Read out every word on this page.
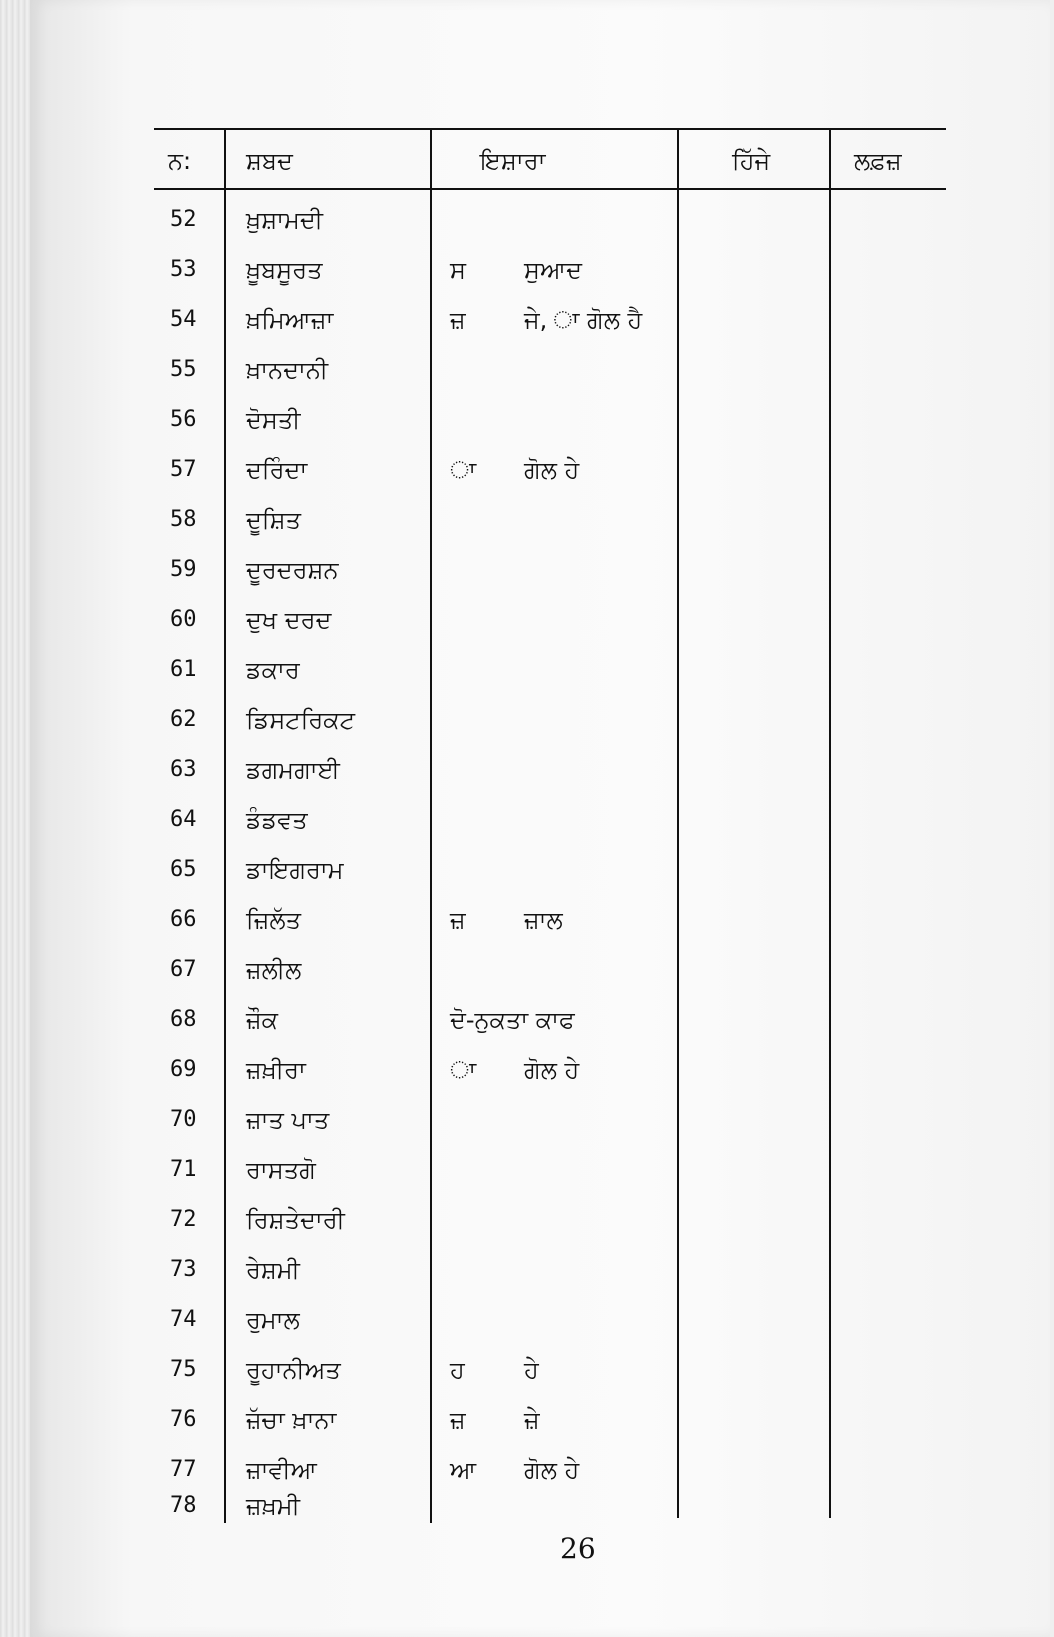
ਨ: ਸ਼ਬਦ	ਇਸ਼ਾਰਾ	ਹਿੱਜੇ	ਲਫ਼ਜ਼
52	ਖ਼ੁਸ਼ਾਮਦੀ
53	ਖ਼ੂਬਸੂਰਤ	ਸ ਸੁਆਦ
54	ਖ਼ਮਿਆਜ਼ਾ	ਜ਼ ਜੇ, ਾ ਗੋਲ ਹੈ
55	ਖ਼ਾਨਦਾਨੀ
56	ਦੋਸਤੀ
57	ਦਰਿੰਦਾ	ਾ ਗੋਲ ਹੇ
58	ਦੂਸ਼ਿਤ
59	ਦੂਰਦਰਸ਼ਨ
60	ਦੁਖ ਦਰਦ
61	ਡਕਾਰ
62	ਡਿਸਟਰਿਕਟ
63	ਡਗਮਗਾਈ
64	ਡੰਡਵਤ
65	ਡਾਇਗਰਾਮ
66	ਜ਼ਿਲੱਤ	ਜ਼ ਜ਼ਾਲ
67	ਜ਼ਲੀਲ
68	ਜ਼ੌਕ	ਦੋ-ਨੁਕਤਾ ਕਾਫ
69	ਜ਼ਖ਼ੀਰਾ	ਾ ਗੋਲ ਹੇ
70	ਜ਼ਾਤ ਪਾਤ
71	ਰਾਸਤਗੋ
72	ਰਿਸ਼ਤੇਦਾਰੀ
73	ਰੇਸ਼ਮੀ
74	ਰੁਮਾਲ
75	ਰੂਹਾਨੀਅਤ	ਹ ਹੇ
76	ਜ਼ੱਚਾ ਖ਼ਾਨਾ	ਜ਼ ਜ਼ੇ
77	ਜ਼ਾਵੀਆ	ਆ ਗੋਲ ਹੇ
78	ਜ਼ਖ਼ਮੀ
26
